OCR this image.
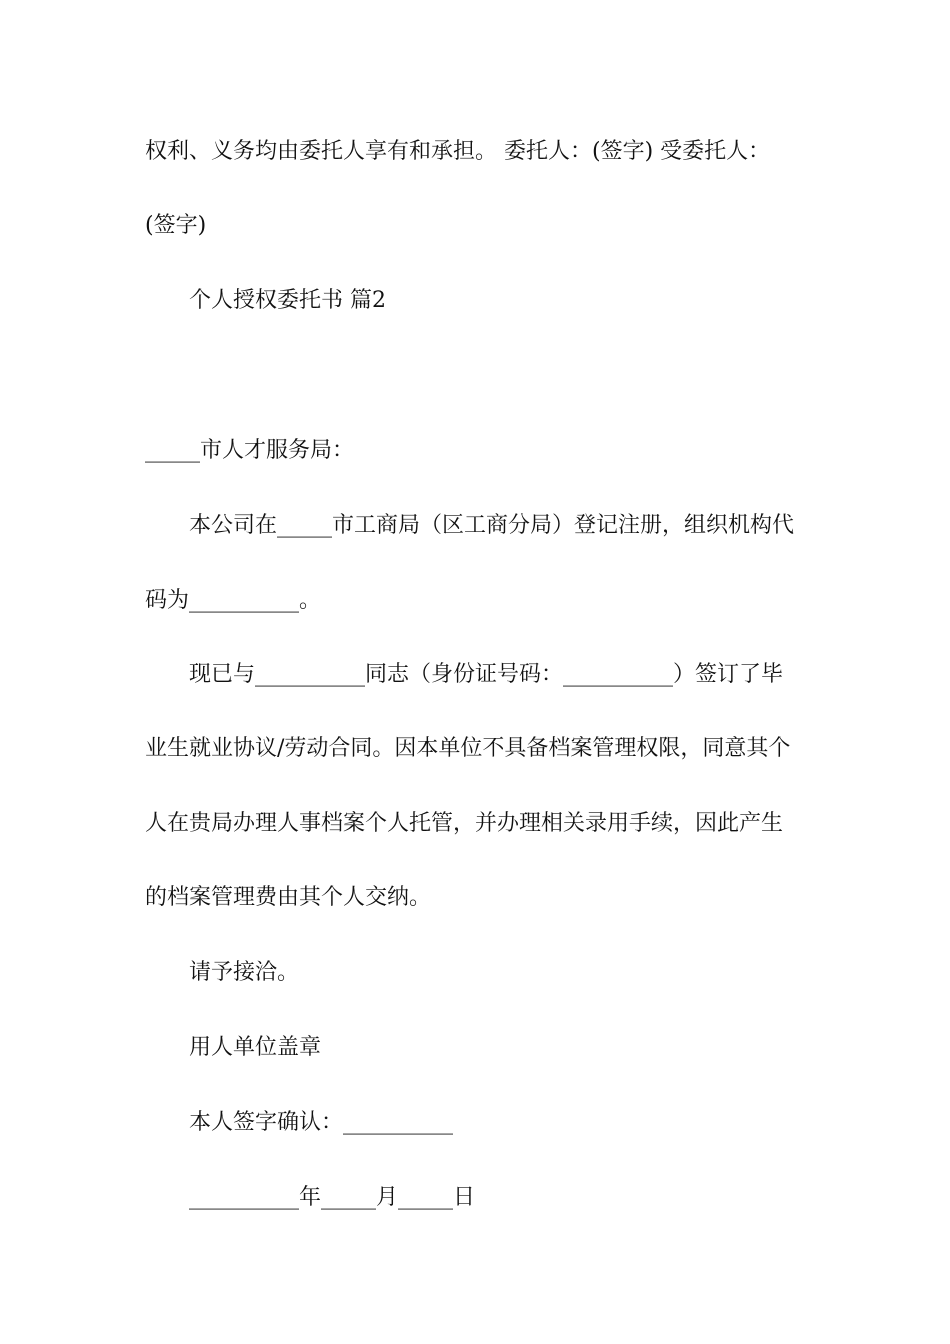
权利、义务均由委托人享有和承担。 委托人：(签字) 受委托人：

(签字)

个人授权委托书 篇2

_____市人才服务局：

本公司在_____市工商局（区工商分局）登记注册，组织机构代

码为__________。

现已与__________同志（身份证号码：__________）签订了毕

业生就业协议/劳动合同。因本单位不具备档案管理权限，同意其个

人在贵局办理人事档案个人托管，并办理相关录用手续，因此产生

的档案管理费由其个人交纳。

请予接洽。

用人单位盖章

本人签字确认：__________

__________年_____月_____日
